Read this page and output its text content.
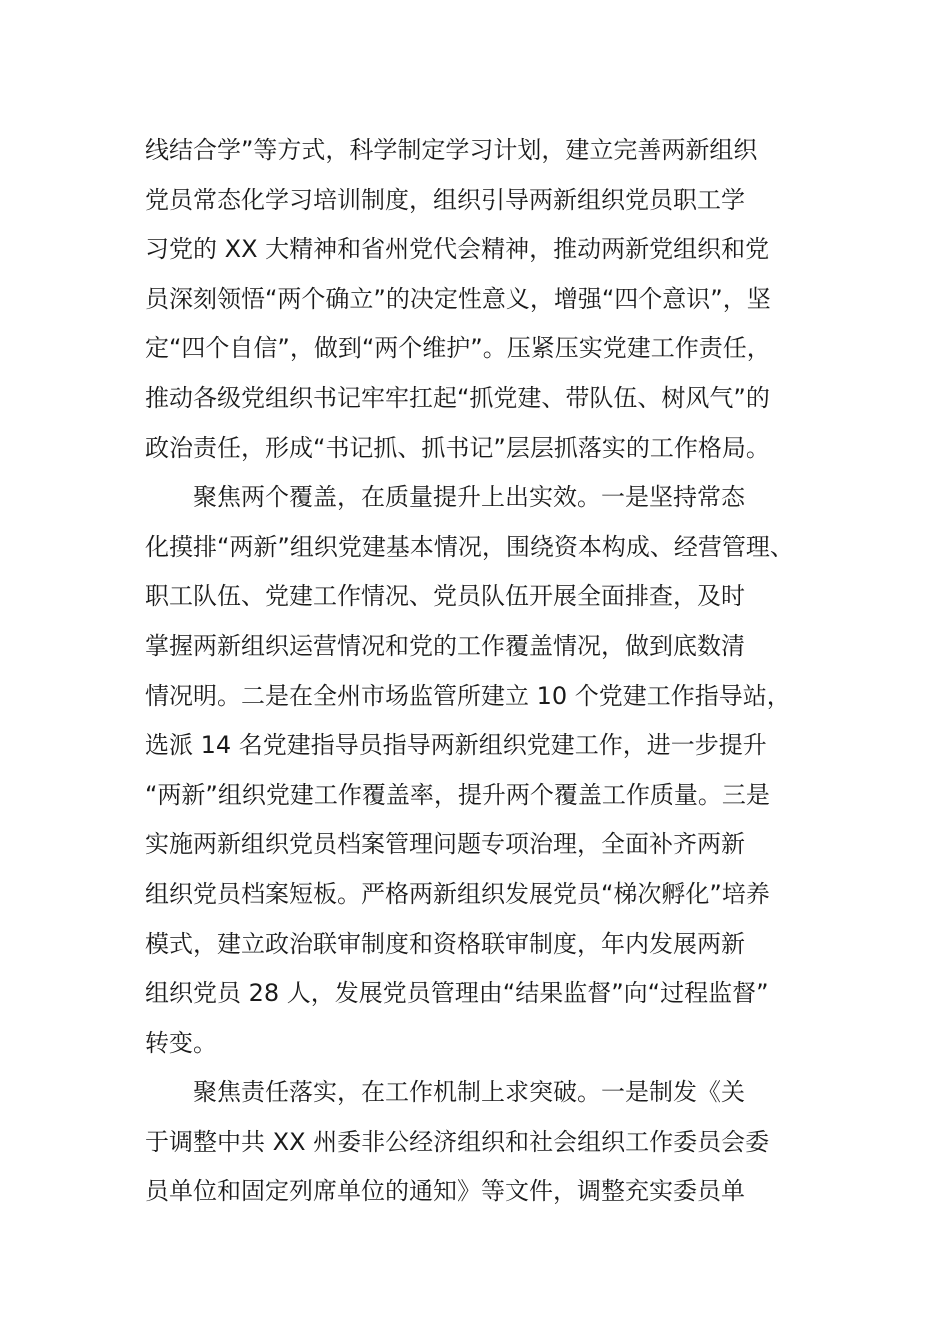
线结合学”等方式，科学制定学习计划，建立完善两新组织
党员常态化学习培训制度，组织引导两新组织党员职工学
习党的 XX 大精神和省州党代会精神，推动两新党组织和党
员深刻领悟“两个确立”的决定性意义，增强“四个意识”，坚
定“四个自信”，做到“两个维护”。压紧压实党建工作责任，
推动各级党组织书记牢牢扛起“抓党建、带队伍、树风气”的
政治责任，形成“书记抓、抓书记”层层抓落实的工作格局。
聚焦两个覆盖，在质量提升上出实效。一是坚持常态
化摸排“两新”组织党建基本情况，围绕资本构成、经营管理、
职工队伍、党建工作情况、党员队伍开展全面排查，及时
掌握两新组织运营情况和党的工作覆盖情况，做到底数清
情况明。二是在全州市场监管所建立 10 个党建工作指导站，
选派 14 名党建指导员指导两新组织党建工作，进一步提升
“两新”组织党建工作覆盖率，提升两个覆盖工作质量。三是
实施两新组织党员档案管理问题专项治理，全面补齐两新
组织党员档案短板。严格两新组织发展党员“梯次孵化”培养
模式，建立政治联审制度和资格联审制度，年内发展两新
组织党员 28 人，发展党员管理由“结果监督”向“过程监督”
转变。
聚焦责任落实，在工作机制上求突破。一是制发《关
于调整中共 XX 州委非公经济组织和社会组织工作委员会委
员单位和固定列席单位的通知》等文件，调整充实委员单
